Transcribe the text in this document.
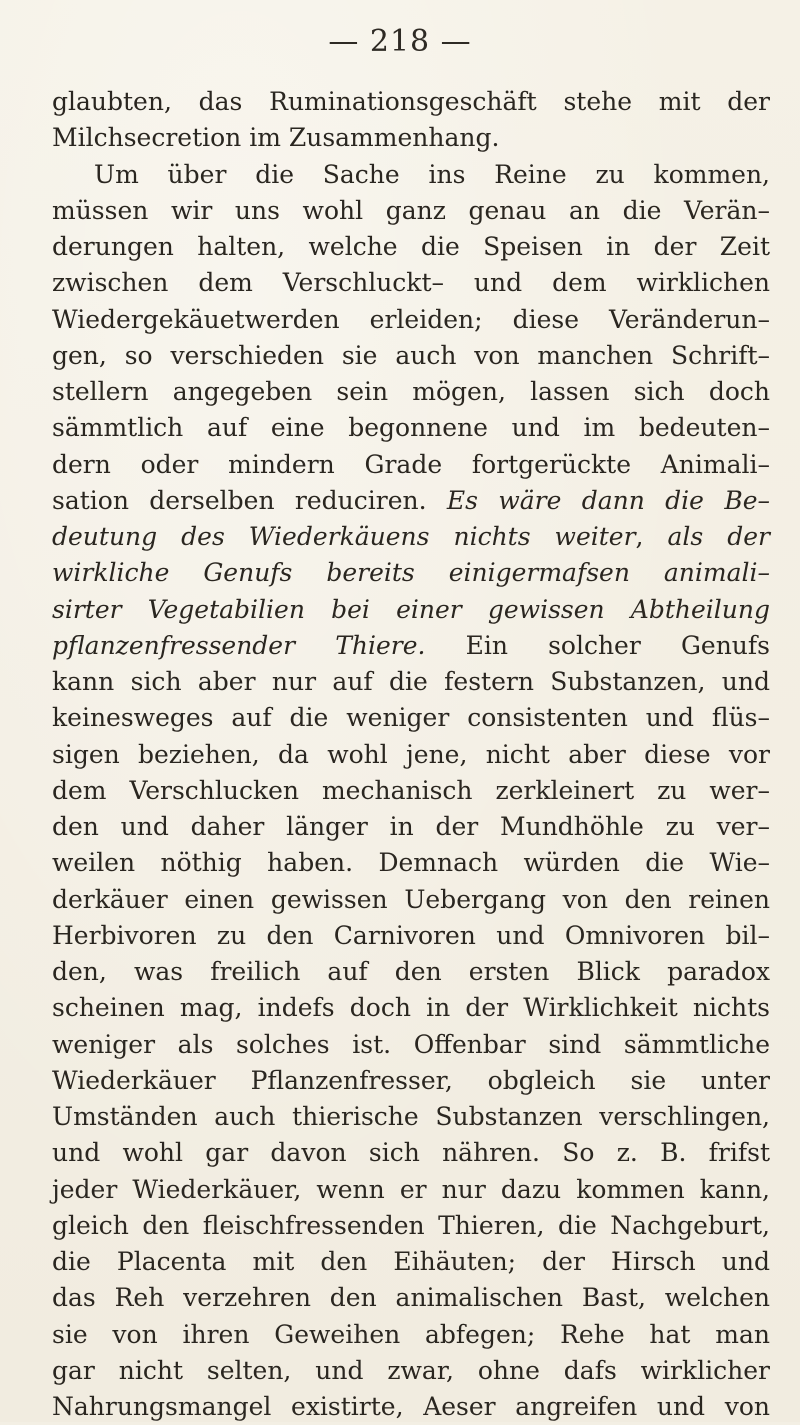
— 218 —
glaubten, das Ruminationsgeschäft stehe mit der
Milchsecretion im Zusammenhang.
Um über die Sache ins Reine zu kommen,
müssen wir uns wohl ganz genau an die Verän–
derungen halten, welche die Speisen in der Zeit
zwischen dem Verschluckt– und dem wirklichen
Wiedergekäuetwerden erleiden; diese Veränderun–
gen, so verschieden sie auch von manchen Schrift–
stellern angegeben sein mögen, lassen sich doch
sämmtlich auf eine begonnene und im bedeuten–
dern oder mindern Grade fortgerückte Animali–
sation derselben reduciren. Es wäre dann die Be–
deutung des Wiederkäuens nichts weiter, als der
wirkliche Genufs bereits einigermafsen animali–
sirter Vegetabilien bei einer gewissen Abtheilung
pflanzenfressender Thiere. Ein solcher Genufs
kann sich aber nur auf die festern Substanzen, und
keinesweges auf die weniger consistenten und flüs–
sigen beziehen, da wohl jene, nicht aber diese vor
dem Verschlucken mechanisch zerkleinert zu wer–
den und daher länger in der Mundhöhle zu ver–
weilen nöthig haben. Demnach würden die Wie–
derkäuer einen gewissen Uebergang von den reinen
Herbivoren zu den Carnivoren und Omnivoren bil–
den, was freilich auf den ersten Blick paradox
scheinen mag, indefs doch in der Wirklichkeit nichts
weniger als solches ist. Offenbar sind sämmtliche
Wiederkäuer Pflanzenfresser, obgleich sie unter
Umständen auch thierische Substanzen verschlingen,
und wohl gar davon sich nähren. So z. B. frifst
jeder Wiederkäuer, wenn er nur dazu kommen kann,
gleich den fleischfressenden Thieren, die Nachgeburt,
die Placenta mit den Eihäuten; der Hirsch und
das Reh verzehren den animalischen Bast, welchen
sie von ihren Geweihen abfegen; Rehe hat man
gar nicht selten, und zwar, ohne dafs wirklicher
Nahrungsmangel existirte, Aeser angreifen und von
